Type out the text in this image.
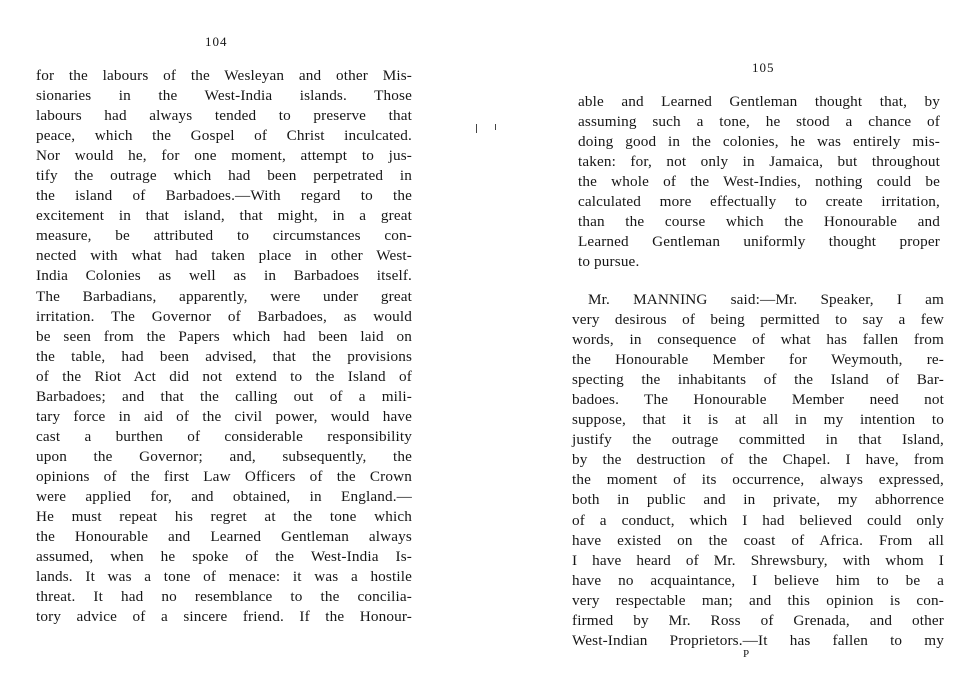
104
for the labours of the Wesleyan and other Mis-
sionaries in the West-India islands. Those
labours had always tended to preserve that
peace, which the Gospel of Christ inculcated.
Nor would he, for one moment, attempt to jus-
tify the outrage which had been perpetrated in
the island of Barbadoes.—With regard to the
excitement in that island, that might, in a great
measure, be attributed to circumstances con-
nected with what had taken place in other West-
India Colonies as well as in Barbadoes itself.
The Barbadians, apparently, were under great
irritation. The Governor of Barbadoes, as would
be seen from the Papers which had been laid on
the table, had been advised, that the provisions
of the Riot Act did not extend to the Island of
Barbadoes; and that the calling out of a mili-
tary force in aid of the civil power, would have
cast a burthen of considerable responsibility
upon the Governor; and, subsequently, the
opinions of the first Law Officers of the Crown
were applied for, and obtained, in England.—
He must repeat his regret at the tone which
the Honourable and Learned Gentleman always
assumed, when he spoke of the West-India Is-
lands. It was a tone of menace: it was a hostile
threat. It had no resemblance to the concilia-
tory advice of a sincere friend. If the Honour-
105
able and Learned Gentleman thought that, by
assuming such a tone, he stood a chance of
doing good in the colonies, he was entirely mis-
taken: for, not only in Jamaica, but throughout
the whole of the West-Indies, nothing could be
calculated more effectually to create irritation,
than the course which the Honourable and
Learned Gentleman uniformly thought proper
to pursue.
Mr. MANNING said:—Mr. Speaker, I am
very desirous of being permitted to say a few
words, in consequence of what has fallen from
the Honourable Member for Weymouth, re-
specting the inhabitants of the Island of Bar-
badoes. The Honourable Member need not
suppose, that it is at all in my intention to
justify the outrage committed in that Island,
by the destruction of the Chapel. I have, from
the moment of its occurrence, always expressed,
both in public and in private, my abhorrence
of a conduct, which I had believed could only
have existed on the coast of Africa. From all
I have heard of Mr. Shrewsbury, with whom I
have no acquaintance, I believe him to be a
very respectable man; and this opinion is con-
firmed by Mr. Ross of Grenada, and other
West-Indian Proprietors.—It has fallen to my
P
